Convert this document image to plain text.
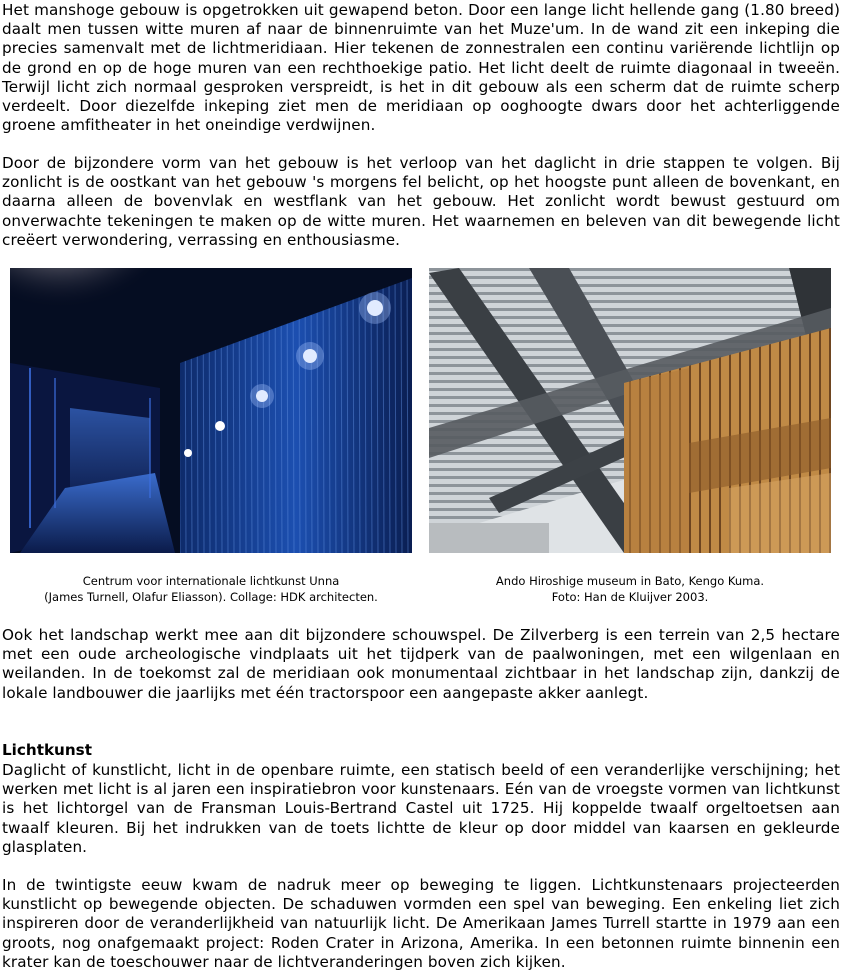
Het manshoge gebouw is opgetrokken uit gewapend beton. Door een lange licht hellende gang (1.80 breed) daalt men tussen witte muren af naar de binnenruimte van het Muze'um. In de wand zit een inkeping die precies samenvalt met de lichtmeridiaan. Hier tekenen de zonnestralen een continu variërende lichtlijn op de grond en op de hoge muren van een rechthoekige patio. Het licht deelt de ruimte diagonaal in tweeën. Terwijl licht zich normaal gesproken verspreidt, is het in dit gebouw als een scherm dat de ruimte scherp verdeelt. Door diezelfde inkeping ziet men de meridiaan op ooghoogte dwars door het achterliggende groene amfitheater in het oneindige verdwijnen.

Door de bijzondere vorm van het gebouw is het verloop van het daglicht in drie stappen te volgen. Bij zonlicht is de oostkant van het gebouw 's morgens fel belicht, op het hoogste punt alleen de bovenkant, en daarna alleen de bovenvlak en westflank van het gebouw. Het zonlicht wordt bewust gestuurd om onverwachte tekeningen te maken op de witte muren. Het waarnemen en beleven van dit bewegende licht creëert verwondering, verrassing en enthousiasme.

Centrum voor internationale lichtkunst Unna
(James Turnell, Olafur Eliasson). Collage: HDK architecten.
Ando Hiroshige museum in Bato, Kengo Kuma.
Foto: Han de Kluijver 2003.

Ook het landschap werkt mee aan dit bijzondere schouwspel. De Zilverberg is een terrein van 2,5 hectare met een oude archeologische vindplaats uit het tijdperk van de paalwoningen, met een wilgenlaan en weilanden. In de toekomst zal de meridiaan ook monumentaal zichtbaar in het landschap zijn, dankzij de lokale landbouwer die jaarlijks met één tractorspoor een aangepaste akker aanlegt.

Lichtkunst

Daglicht of kunstlicht, licht in de openbare ruimte, een statisch beeld of een veranderlijke verschijning; het werken met licht is al jaren een inspiratiebron voor kunstenaars. Eén van de vroegste vormen van lichtkunst is het lichtorgel van de Fransman Louis-Bertrand Castel uit 1725. Hij koppelde twaalf orgeltoetsen aan twaalf kleuren. Bij het indrukken van de toets lichtte de kleur op door middel van kaarsen en gekleurde glasplaten.

In de twintigste eeuw kwam de nadruk meer op beweging te liggen. Lichtkunstenaars projecteerden kunstlicht op bewegende objecten. De schaduwen vormden een spel van beweging. Een enkeling liet zich inspireren door de veranderlijkheid van natuurlijk licht. De Amerikaan James Turrell startte in 1979 aan een groots, nog onafgemaakt project: Roden Crater in Arizona, Amerika. In een betonnen ruimte binnenin een krater kan de toeschouwer naar de lichtveranderingen boven zich kijken.
